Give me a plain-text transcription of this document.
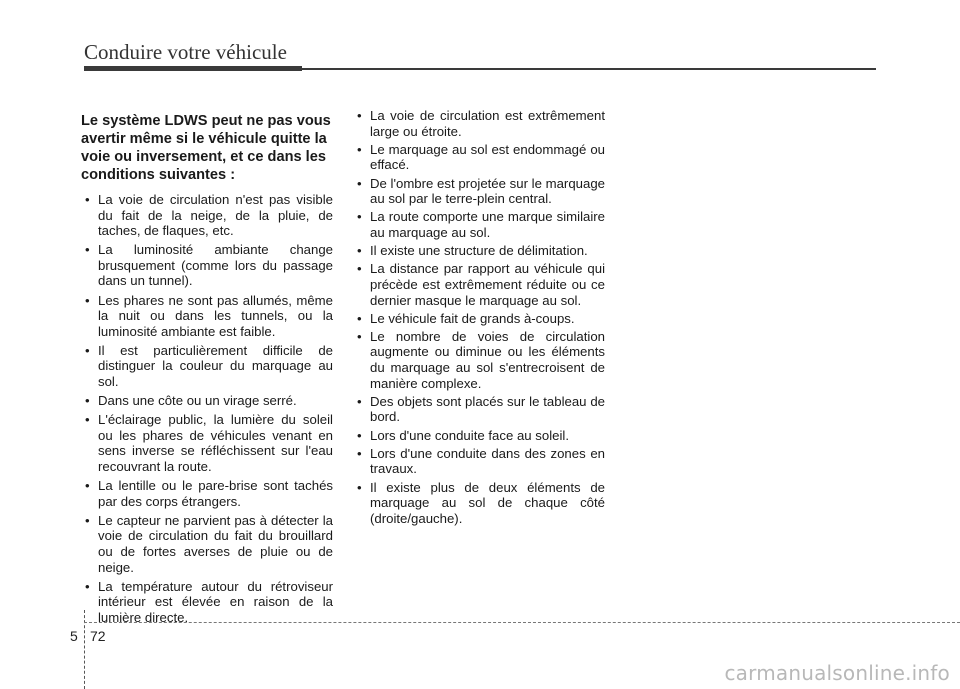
Conduire votre véhicule
Le système LDWS peut ne pas vous avertir même si le véhicule quitte la voie ou inversement, et ce dans les conditions suivantes :
• La voie de circulation n'est pas visible du fait de la neige, de la pluie, de taches, de flaques, etc.
• La luminosité ambiante change brusquement (comme lors du passage dans un tunnel).
• Les phares ne sont pas allumés, même la nuit ou dans les tunnels, ou la luminosité ambiante est faible.
• Il est particulièrement difficile de distinguer la couleur du marquage au sol.
• Dans une côte ou un virage serré.
• L'éclairage public, la lumière du soleil ou les phares de véhicules venant en sens inverse se réfléchissent sur l'eau recouvrant la route.
• La lentille ou le pare-brise sont tachés par des corps étrangers.
• Le capteur ne parvient pas à détecter la voie de circulation du fait du brouillard ou de fortes averses de pluie ou de neige.
• La température autour du rétroviseur intérieur est élevée en raison de la lumière directe.
• La voie de circulation est extrêmement large ou étroite.
• Le marquage au sol est endommagé ou effacé.
• De l'ombre est projetée sur le marquage au sol par le terre-plein central.
• La route comporte une marque similaire au marquage au sol.
• Il existe une structure de délimitation.
• La distance par rapport au véhicule qui précède est extrêmement réduite ou ce dernier masque le marquage au sol.
• Le véhicule fait de grands à-coups.
• Le nombre de voies de circulation augmente ou diminue ou les éléments du marquage au sol s'entrecroisent de manière complexe.
• Des objets sont placés sur le tableau de bord.
• Lors d'une conduite face au soleil.
• Lors d'une conduite dans des zones en travaux.
• Il existe plus de deux éléments de marquage au sol de chaque côté (droite/gauche).
5 72
carmanualsonline.info
